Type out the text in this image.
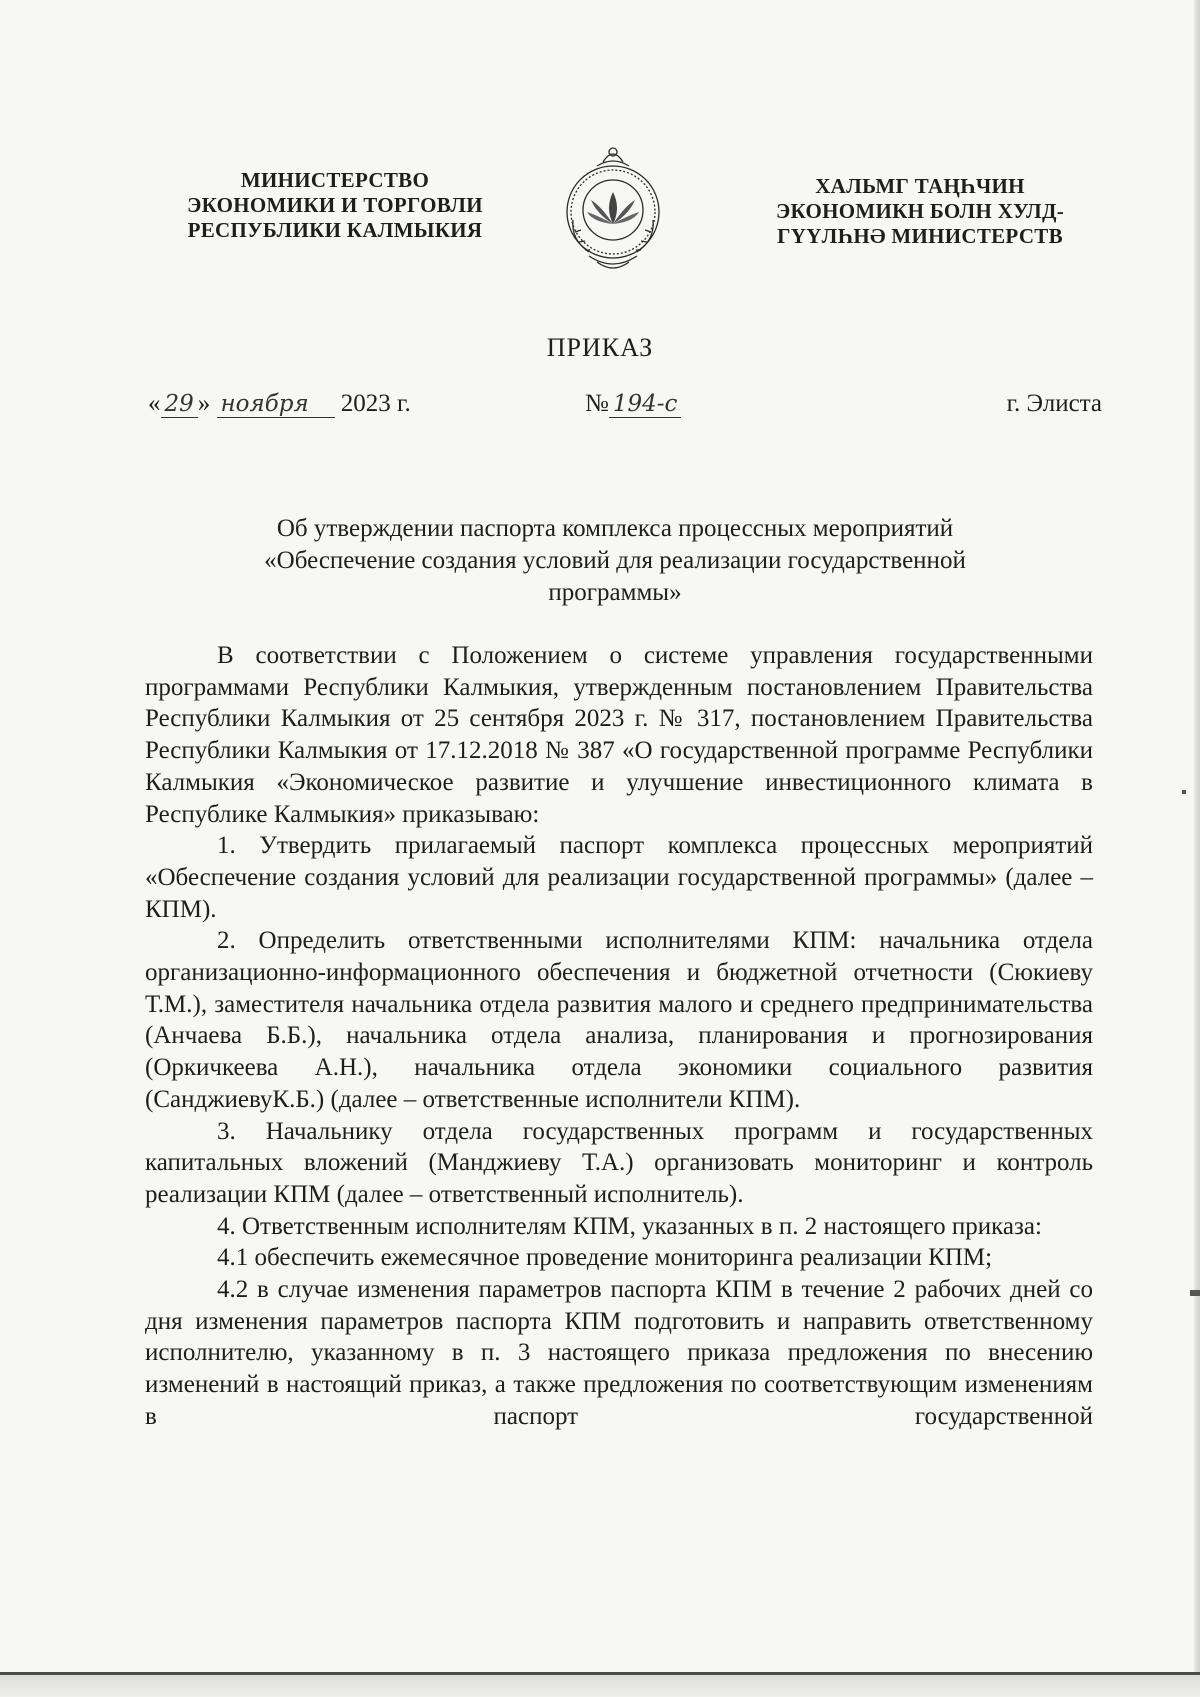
МИНИСТЕРСТВО
ЭКОНОМИКИ И ТОРГОВЛИ
РЕСПУБЛИКИ КАЛМЫКИЯ
ХАЛЬМГ ТАҢҺЧИН
ЭКОНОМИКН БОЛН ХУЛД-
ГҮҮЛҺНӘ МИНИСТЕРСТВ
ПРИКАЗ
« 29 » ноября 2023 г.	№ 194-с	г. Элиста
Об утверждении паспорта комплекса процессных мероприятий
«Обеспечение создания условий для реализации государственной
программы»

В соответствии с Положением о системе управления государственными программами Республики Калмыкия, утвержденным постановлением Правительства Республики Калмыкия от 25 сентября 2023 г. № 317, постановлением Правительства Республики Калмыкия от 17.12.2018 № 387 «О государственной программе Республики Калмыкия «Экономическое развитие и улучшение инвестиционного климата в Республике Калмыкия» приказываю:

1. Утвердить прилагаемый паспорт комплекса процессных мероприятий «Обеспечение создания условий для реализации государственной программы» (далее – КПМ).

2. Определить ответственными исполнителями КПМ: начальника отдела организационно-информационного обеспечения и бюджетной отчетности (Сюкиеву Т.М.), заместителя начальника отдела развития малого и среднего предпринимательства (Анчаева Б.Б.), начальника отдела анализа, планирования и прогнозирования (Оркичкеева А.Н.), начальника отдела экономики социального развития (СанджиевуК.Б.) (далее – ответственные исполнители КПМ).

3. Начальнику отдела государственных программ и государственных капитальных вложений (Манджиеву Т.А.) организовать мониторинг и контроль реализации КПМ (далее – ответственный исполнитель).

4. Ответственным исполнителям КПМ, указанных в п. 2 настоящего приказа:

4.1 обеспечить ежемесячное проведение мониторинга реализации КПМ;

4.2 в случае изменения параметров паспорта КПМ в течение 2 рабочих дней со дня изменения параметров паспорта КПМ подготовить и направить ответственному исполнителю, указанному в п. 3 настоящего приказа предложения по внесению изменений в настоящий приказ, а также предложения по соответствующим изменениям в паспорт государственной
